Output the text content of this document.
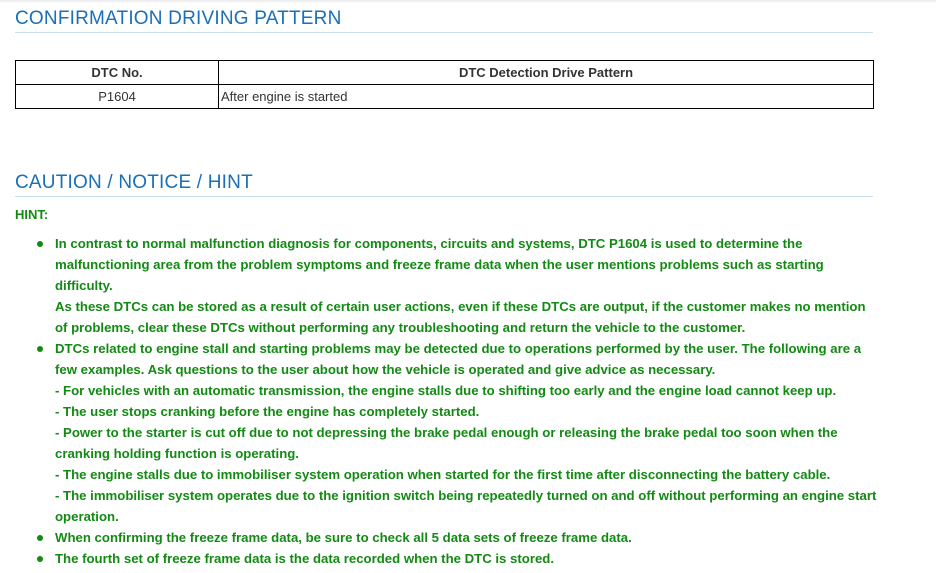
CONFIRMATION DRIVING PATTERN
DTC No.	DTC Detection Drive Pattern
P1604	After engine is started
CAUTION / NOTICE / HINT
HINT:
In contrast to normal malfunction diagnosis for components, circuits and systems, DTC P1604 is used to determine the malfunctioning area from the problem symptoms and freeze frame data when the user mentions problems such as starting difficulty.
As these DTCs can be stored as a result of certain user actions, even if these DTCs are output, if the customer makes no mention of problems, clear these DTCs without performing any troubleshooting and return the vehicle to the customer.
DTCs related to engine stall and starting problems may be detected due to operations performed by the user. The following are a few examples. Ask questions to the user about how the vehicle is operated and give advice as necessary.
- For vehicles with an automatic transmission, the engine stalls due to shifting too early and the engine load cannot keep up.
- The user stops cranking before the engine has completely started.
- Power to the starter is cut off due to not depressing the brake pedal enough or releasing the brake pedal too soon when the cranking holding function is operating.
- The engine stalls due to immobiliser system operation when started for the first time after disconnecting the battery cable.
- The immobiliser system operates due to the ignition switch being repeatedly turned on and off without performing an engine start operation.
When confirming the freeze frame data, be sure to check all 5 data sets of freeze frame data.
The fourth set of freeze frame data is the data recorded when the DTC is stored.
